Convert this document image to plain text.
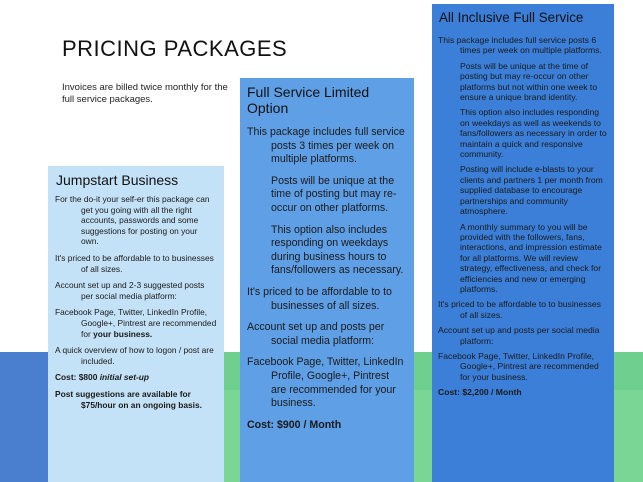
PRICING PACKAGES

Invoices are billed twice monthly for the full service packages.

Jumpstart Business

For the do-it your self-er this package can get you going with all the right accounts, passwords and some suggestions for posting on your own.

It's priced to be affordable to to businesses of all sizes.

Account set up and 2-3 suggested posts per social media platform:

Facebook Page, Twitter, LinkedIn Profile, Google+, Pintrest are recommended for your business.

A quick overview of how to logon / post are included.

Cost: $800 initial set-up

Post suggestions are available for $75/hour on an ongoing basis.

Full Service Limited Option

This package includes full service posts 3 times per week on multiple platforms.

Posts will be unique at the time of posting but may re-occur on other platforms.

This option also includes responding on weekdays during business hours to fans/followers as necessary.

It's priced to be affordable to to businesses of all sizes.

Account set up and posts per social media platform:

Facebook Page, Twitter, LinkedIn Profile, Google+, Pintrest are recommended for your business.

Cost: $900 / Month

All Inclusive Full Service

This package includes full service posts 6 times per week on multiple platforms.

Posts will be unique at the time of posting but may re-occur on other platforms but not within one week to ensure a unique brand identity.

This option also includes responding on weekdays as well as weekends to fans/followers as necessary in order to maintain a quick and responsive community.

Posting will include e-blasts to your clients and partners 1 per month from supplied database to encourage partnerships and community atmosphere.

A monthly summary to you will be provided with the followers, fans, interactions, and impression estimate for all platforms. We will review strategy, effectiveness, and check for efficiencies and new or emerging platforms.

It's priced to be affordable to to businesses of all sizes.

Account set up and posts per social media platform:

Facebook Page, Twitter, LinkedIn Profile, Google+, Pintrest are recommended for your business.

Cost: $2,200 / Month
